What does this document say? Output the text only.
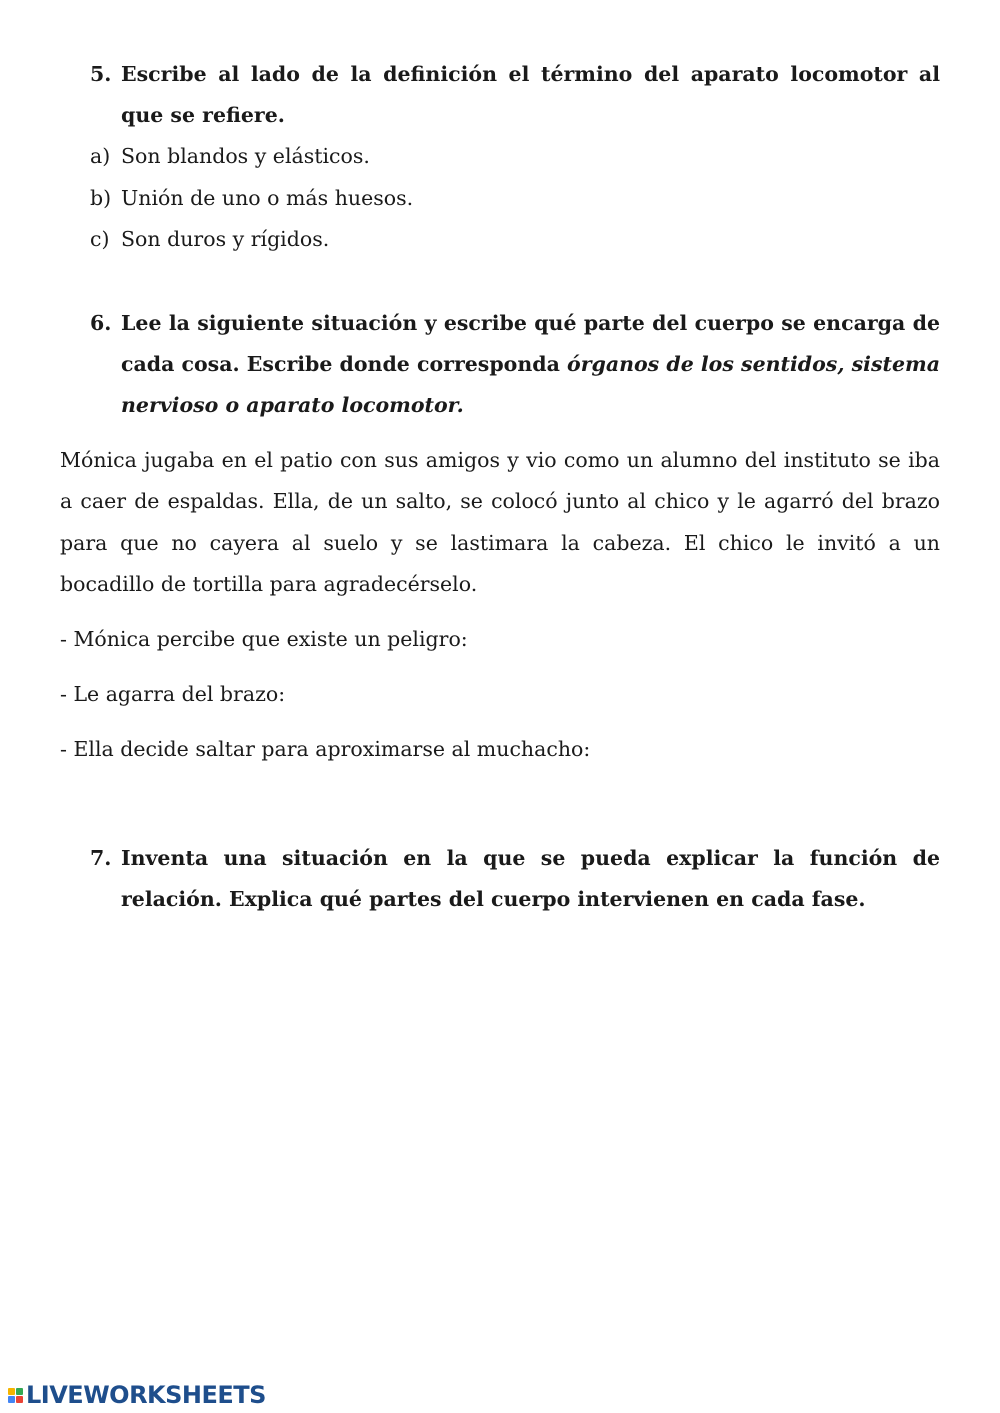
5. Escribe al lado de la definición el término del aparato locomotor al que se refiere.
a) Son blandos y elásticos.
b) Unión de uno o más huesos.
c) Son duros y rígidos.
6. Lee la siguiente situación y escribe qué parte del cuerpo se encarga de cada cosa. Escribe donde corresponda órganos de los sentidos, sistema nervioso o aparato locomotor.
Mónica jugaba en el patio con sus amigos y vio como un alumno del instituto se iba a caer de espaldas. Ella, de un salto, se colocó junto al chico y le agarró del brazo para que no cayera al suelo y se lastimara la cabeza. El chico le invitó a un bocadillo de tortilla para agradecérselo.
- Mónica percibe que existe un peligro:
- Le agarra del brazo:
- Ella decide saltar para aproximarse al muchacho:
7. Inventa una situación en la que se pueda explicar la función de relación. Explica qué partes del cuerpo intervienen en cada fase.
LIVEWORKSHEETS
